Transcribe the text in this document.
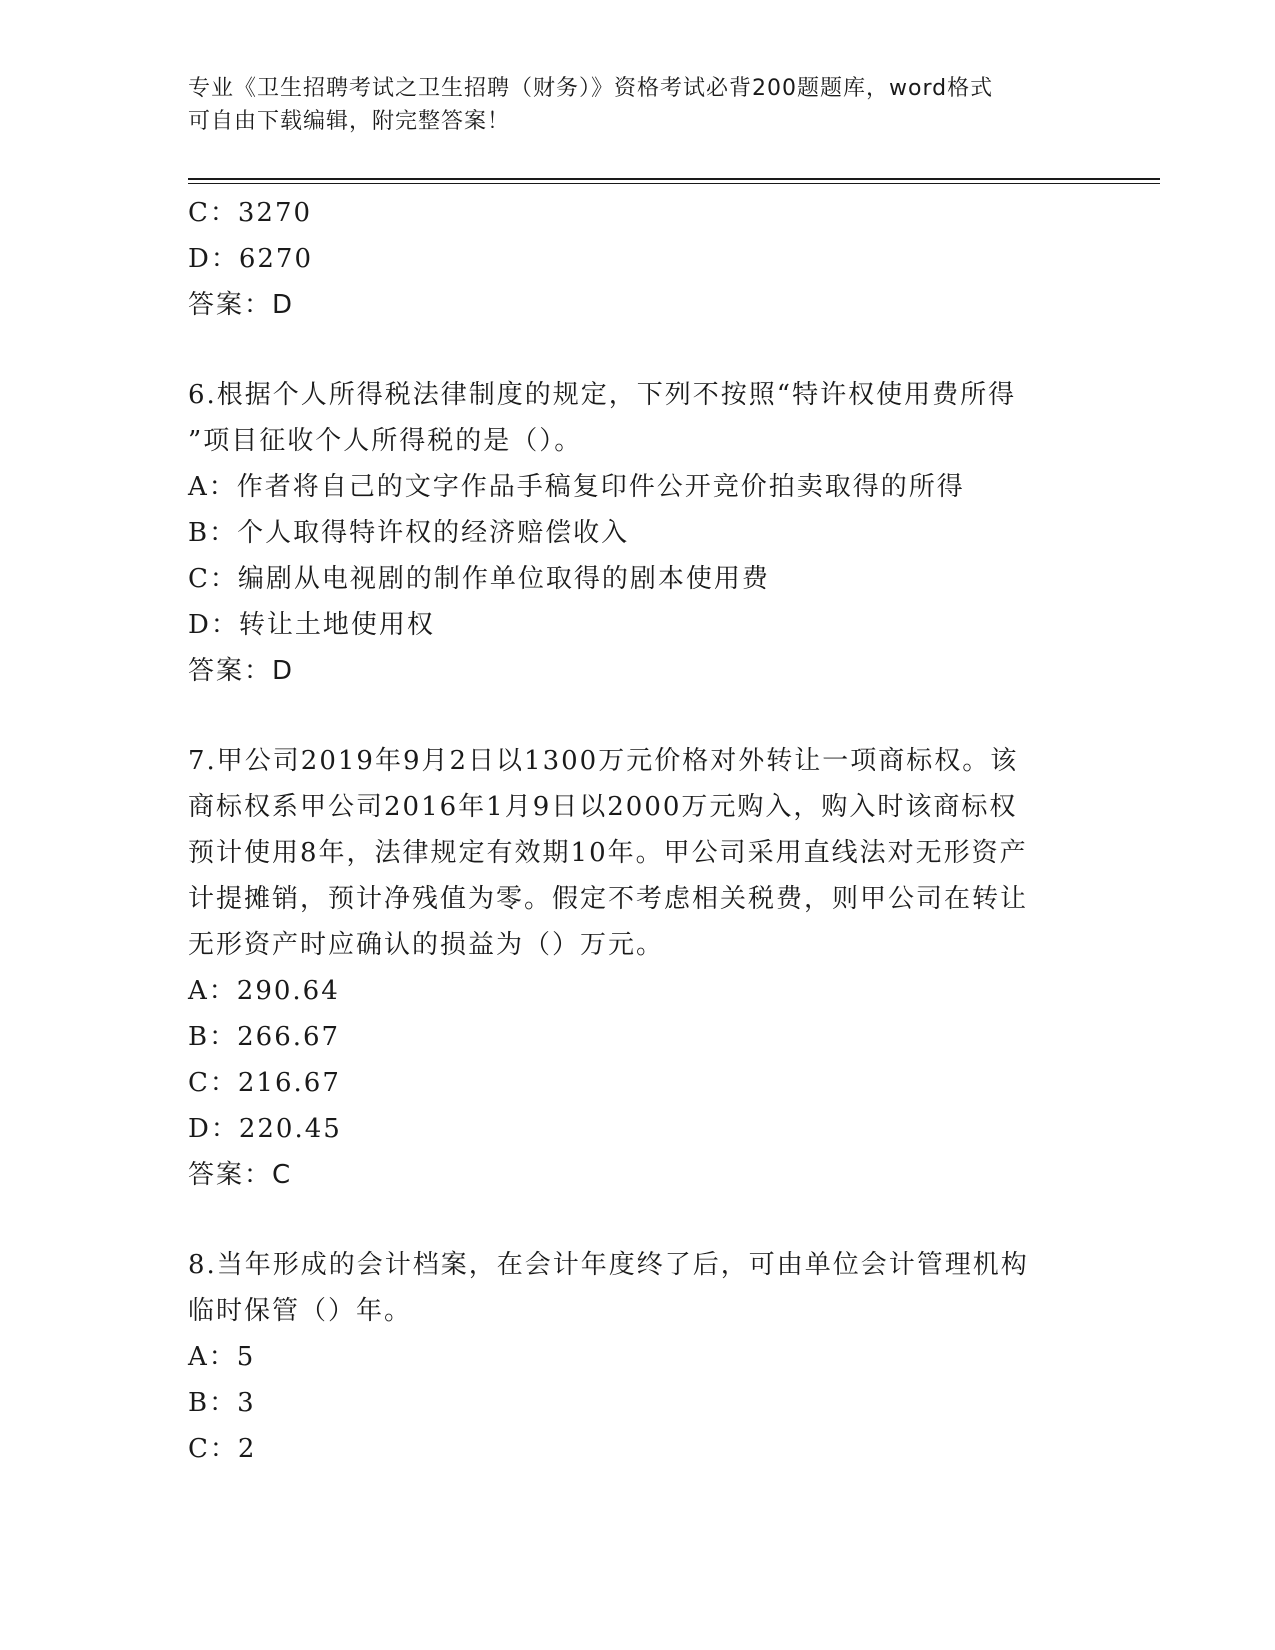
专业《卫生招聘考试之卫生招聘（财务）》资格考试必背200题题库，word格式
可自由下载编辑，附完整答案！
C：3270
D：6270
答案：D
6.根据个人所得税法律制度的规定，下列不按照“特许权使用费所得
”项目征收个人所得税的是（）。
A：作者将自己的文字作品手稿复印件公开竞价拍卖取得的所得
B：个人取得特许权的经济赔偿收入
C：编剧从电视剧的制作单位取得的剧本使用费
D：转让土地使用权
答案：D
7.甲公司2019年9月2日以1300万元价格对外转让一项商标权。该
商标权系甲公司2016年1月9日以2000万元购入，购入时该商标权
预计使用8年，法律规定有效期10年。甲公司采用直线法对无形资产
计提摊销，预计净残值为零。假定不考虑相关税费，则甲公司在转让
无形资产时应确认的损益为（）万元。
A：290.64
B：266.67
C：216.67
D：220.45
答案：C
8.当年形成的会计档案，在会计年度终了后，可由单位会计管理机构
临时保管（）年。
A：5
B：3
C：2
